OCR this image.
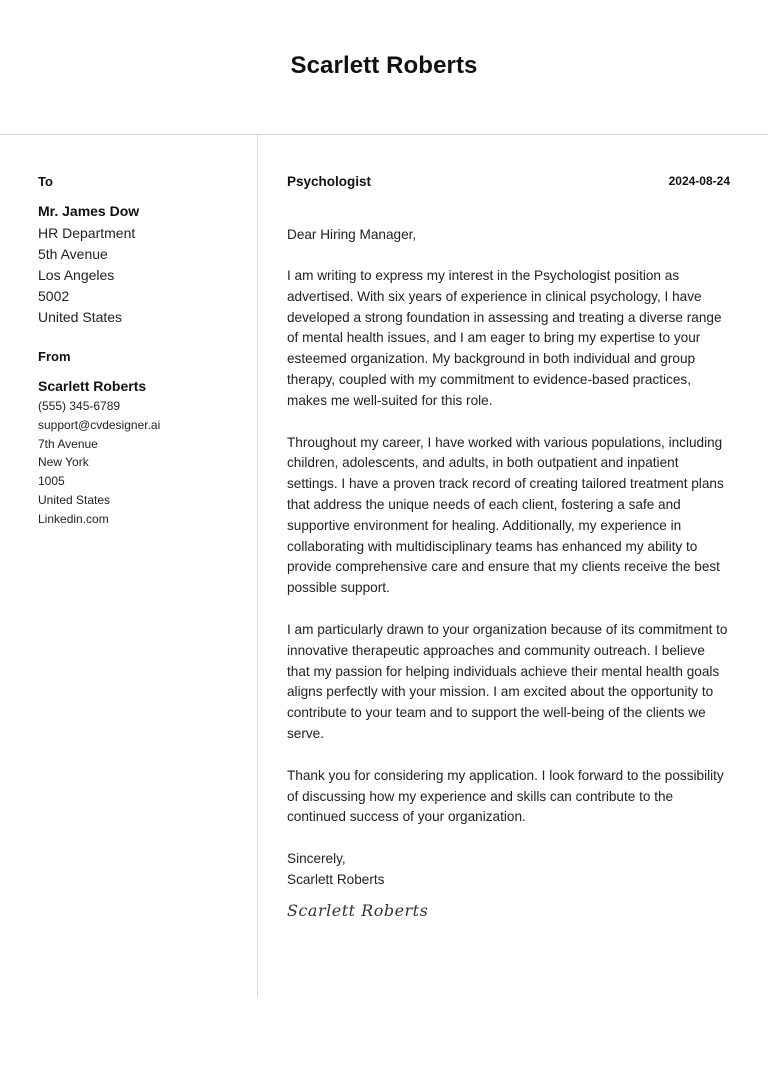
Scarlett Roberts
To
Mr. James Dow
HR Department
5th Avenue
Los Angeles
5002
United States
From
Scarlett Roberts
(555) 345-6789
support@cvdesigner.ai
7th Avenue
New York
1005
United States
Linkedin.com
Psychologist	2024-08-24
Dear Hiring Manager,
I am writing to express my interest in the Psychologist position as advertised. With six years of experience in clinical psychology, I have developed a strong foundation in assessing and treating a diverse range of mental health issues, and I am eager to bring my expertise to your esteemed organization. My background in both individual and group therapy, coupled with my commitment to evidence-based practices, makes me well-suited for this role.
Throughout my career, I have worked with various populations, including children, adolescents, and adults, in both outpatient and inpatient settings. I have a proven track record of creating tailored treatment plans that address the unique needs of each client, fostering a safe and supportive environment for healing. Additionally, my experience in collaborating with multidisciplinary teams has enhanced my ability to provide comprehensive care and ensure that my clients receive the best possible support.
I am particularly drawn to your organization because of its commitment to innovative therapeutic approaches and community outreach. I believe that my passion for helping individuals achieve their mental health goals aligns perfectly with your mission. I am excited about the opportunity to contribute to your team and to support the well-being of the clients we serve.
Thank you for considering my application. I look forward to the possibility of discussing how my experience and skills can contribute to the continued success of your organization.
Sincerely,
Scarlett Roberts
Scarlett Roberts
